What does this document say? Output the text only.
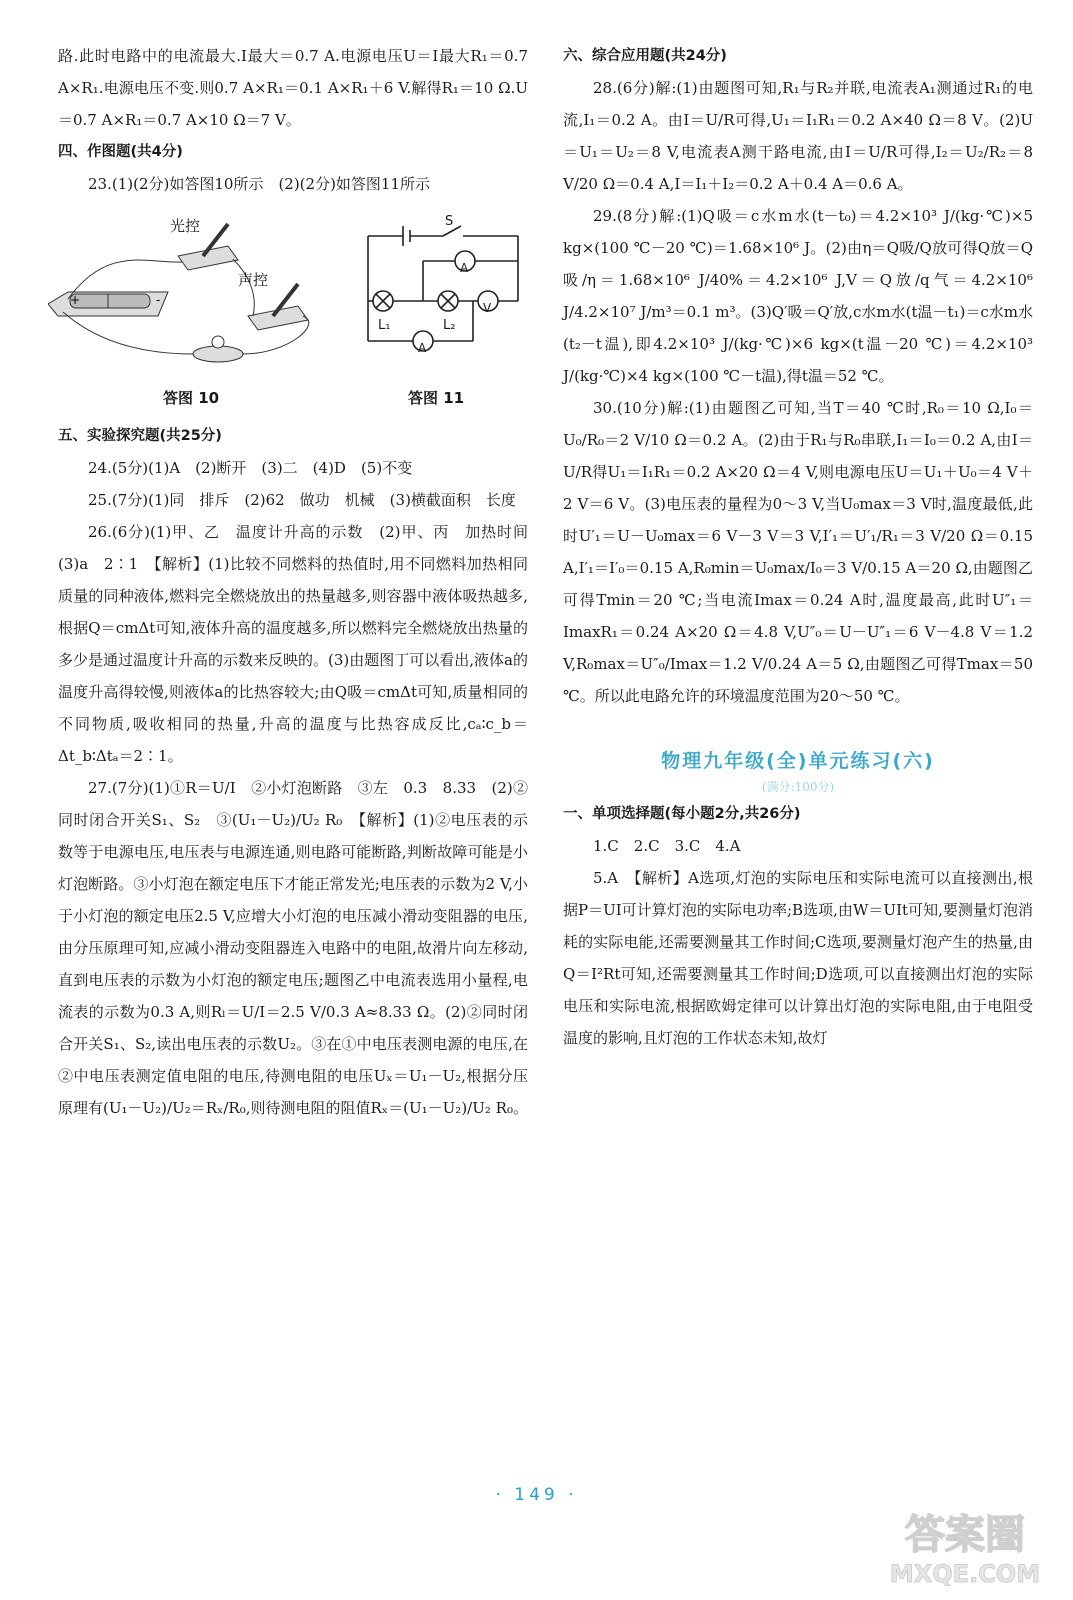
路.此时电路中的电流最大.I最大＝0.7 A.电源电压U＝I最大R₁＝0.7 A×R₁.电源电压不变.则0.7 A×R₁＝0.1 A×R₁＋6 V.解得R₁＝10 Ω.U＝0.7 A×R₁＝0.7 A×10 Ω＝7 V。

四、作图题(共4分)

23.(1)(2分)如答图10所示　(2)(2分)如答图11所示

+	-
光控
声控
答图 10
S
A
V
L₁	L₂
A
答图 11

五、实验探究题(共25分)

24.(5分)(1)A　(2)断开　(3)二　(4)D　(5)不变

25.(7分)(1)同　排斥　(2)62　做功　机械　(3)横截面积　长度

26.(6分)(1)甲、乙　温度计升高的示数　(2)甲、丙　加热时间　(3)a　2∶1　【解析】(1)比较不同燃料的热值时,用不同燃料加热相同质量的同种液体,燃料完全燃烧放出的热量越多,则容器中液体吸热越多,根据Q＝cmΔt可知,液体升高的温度越多,所以燃料完全燃烧放出热量的多少是通过温度计升高的示数来反映的。(3)由题图丁可以看出,液体a的温度升高得较慢,则液体a的比热容较大;由Q吸＝cmΔt可知,质量相同的不同物质,吸收相同的热量,升高的温度与比热容成反比,cₐ∶c_b＝Δt_b∶Δtₐ＝2∶1。

27.(7分)(1)①R＝U/I　②小灯泡断路　③左　0.3　8.33　(2)②同时闭合开关S₁、S₂　③(U₁－U₂)/U₂ R₀　【解析】(1)②电压表的示数等于电源电压,电压表与电源连通,则电路可能断路,判断故障可能是小灯泡断路。③小灯泡在额定电压下才能正常发光;电压表的示数为2 V,小于小灯泡的额定电压2.5 V,应增大小灯泡的电压减小滑动变阻器的电压,由分压原理可知,应减小滑动变阻器连入电路中的电阻,故滑片向左移动,直到电压表的示数为小灯泡的额定电压;题图乙中电流表选用小量程,电流表的示数为0.3 A,则Rₗ＝U/I＝2.5 V/0.3 A≈8.33 Ω。(2)②同时闭合开关S₁、S₂,读出电压表的示数U₂。③在①中电压表测电源的电压,在②中电压表测定值电阻的电压,待测电阻的电压Uₓ＝U₁－U₂,根据分压原理有(U₁－U₂)/U₂＝Rₓ/R₀,则待测电阻的阻值Rₓ＝(U₁－U₂)/U₂ R₀。

六、综合应用题(共24分)

28.(6分)解:(1)由题图可知,R₁与R₂并联,电流表A₁测通过R₁的电流,I₁＝0.2 A。由I＝U/R可得,U₁＝I₁R₁＝0.2 A×40 Ω＝8 V。(2)U＝U₁＝U₂＝8 V,电流表A测干路电流,由I＝U/R可得,I₂＝U₂/R₂＝8 V/20 Ω＝0.4 A,I＝I₁＋I₂＝0.2 A＋0.4 A＝0.6 A。

29.(8分)解:(1)Q吸＝c水m水(t－t₀)＝4.2×10³ J/(kg·℃)×5 kg×(100 ℃－20 ℃)＝1.68×10⁶ J。(2)由η＝Q吸/Q放可得Q放＝Q吸/η＝1.68×10⁶ J/40%＝4.2×10⁶ J,V＝Q放/q气＝4.2×10⁶ J/4.2×10⁷ J/m³＝0.1 m³。(3)Q′吸＝Q′放,c水m水(t温－t₁)＝c水m水(t₂－t温),即4.2×10³ J/(kg·℃)×6 kg×(t温－20 ℃)＝4.2×10³ J/(kg·℃)×4 kg×(100 ℃－t温),得t温＝52 ℃。

30.(10分)解:(1)由题图乙可知,当T＝40 ℃时,R₀＝10 Ω,I₀＝U₀/R₀＝2 V/10 Ω＝0.2 A。(2)由于R₁与R₀串联,I₁＝I₀＝0.2 A,由I＝U/R得U₁＝I₁R₁＝0.2 A×20 Ω＝4 V,则电源电压U＝U₁＋U₀＝4 V＋2 V＝6 V。(3)电压表的量程为0～3 V,当U₀max＝3 V时,温度最低,此时U′₁＝U－U₀max＝6 V－3 V＝3 V,I′₁＝U′₁/R₁＝3 V/20 Ω＝0.15 A,I′₁＝I′₀＝0.15 A,R₀min＝U₀max/I₀＝3 V/0.15 A＝20 Ω,由题图乙可得Tmin＝20 ℃;当电流Imax＝0.24 A时,温度最高,此时U″₁＝ImaxR₁＝0.24 A×20 Ω＝4.8 V,U″₀＝U－U″₁＝6 V－4.8 V＝1.2 V,R₀max＝U″₀/Imax＝1.2 V/0.24 A＝5 Ω,由题图乙可得Tmax＝50 ℃。所以此电路允许的环境温度范围为20～50 ℃。

物理九年级(全)单元练习(六)

(满分:100分)

一、单项选择题(每小题2分,共26分)

1.C　2.C　3.C　4.A

5.A　【解析】A选项,灯泡的实际电压和实际电流可以直接测出,根据P＝UI可计算灯泡的实际电功率;B选项,由W＝UIt可知,要测量灯泡消耗的实际电能,还需要测量其工作时间;C选项,要测量灯泡产生的热量,由Q＝I²Rt可知,还需要测量其工作时间;D选项,可以直接测出灯泡的实际电压和实际电流,根据欧姆定律可以计算出灯泡的实际电阻,由于电阻受温度的影响,且灯泡的工作状态未知,故灯

· 149 ·
答案圈
MXQE.COM
